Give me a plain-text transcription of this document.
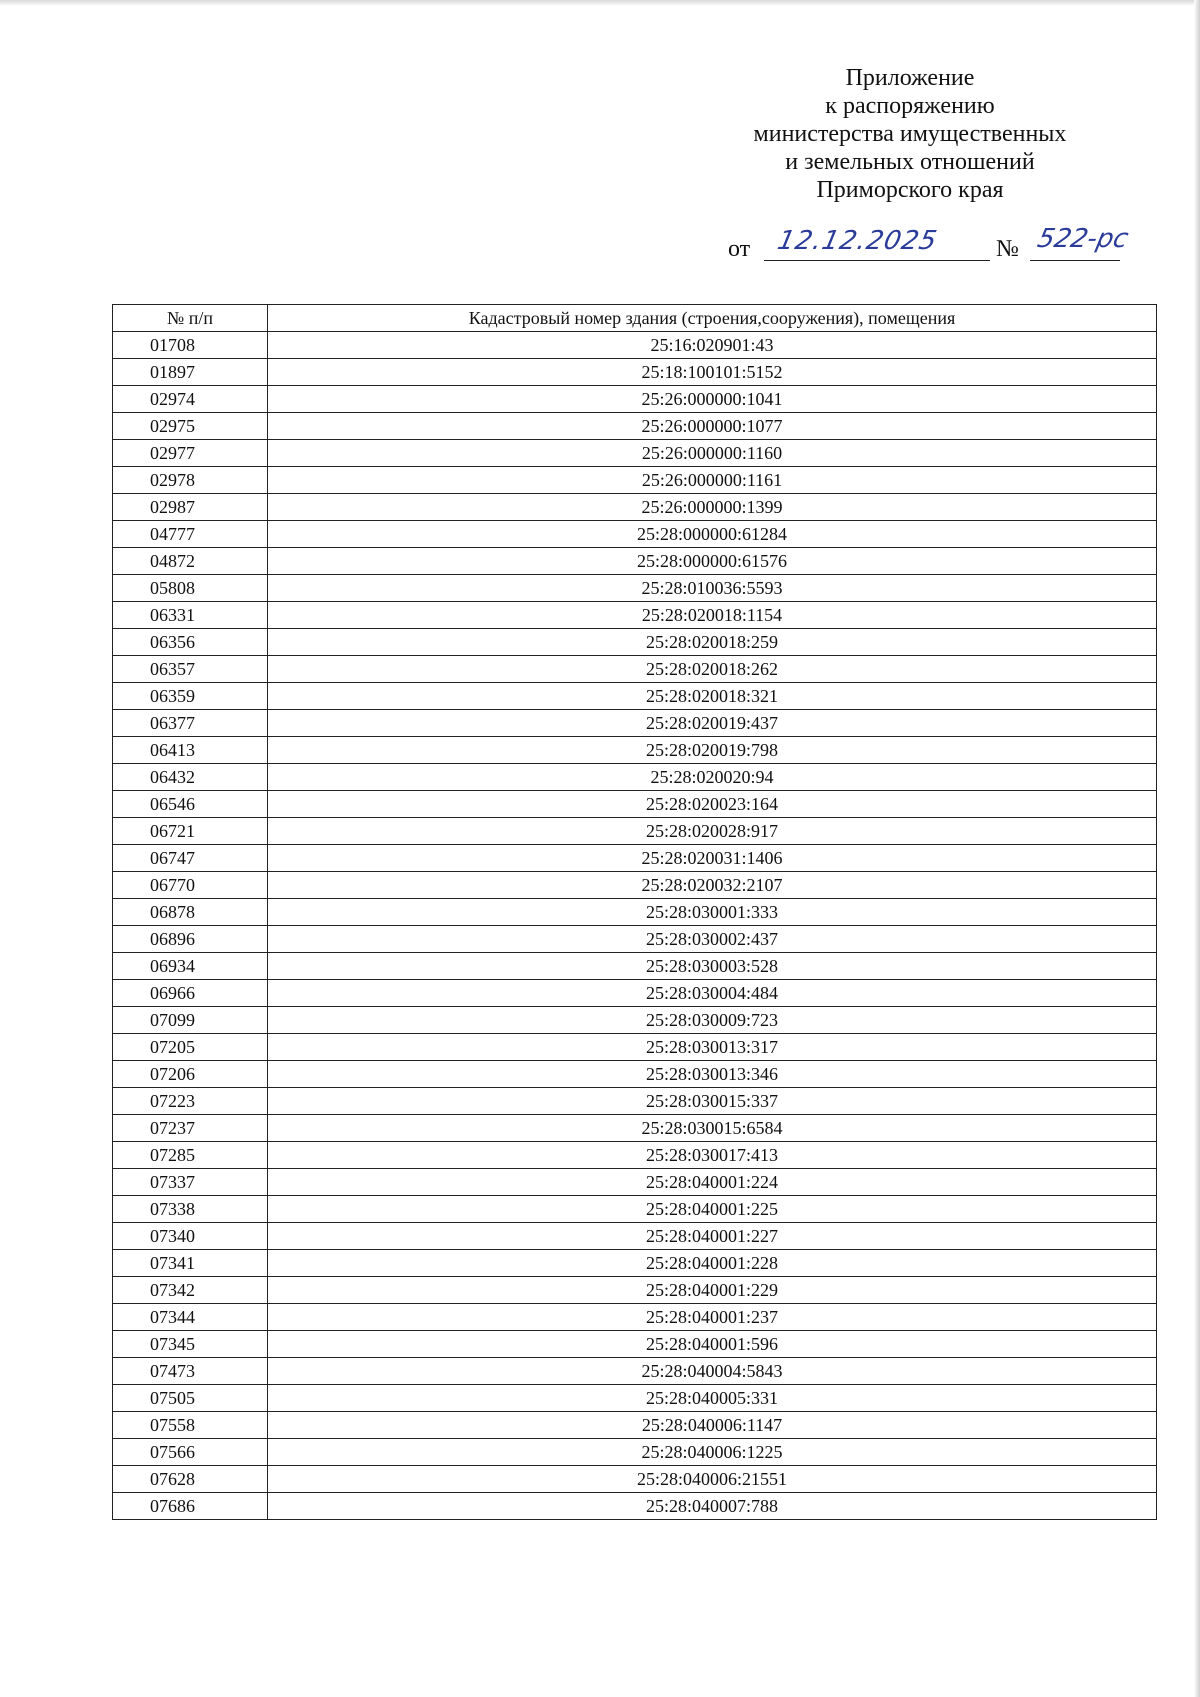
Приложение
к распоряжению
министерства имущественных
и земельных отношений
Приморского края
от 12.12.2025 № 522-рс
№ п/п	Кадастровый номер здания (строения,сооружения), помещения
01708	25:16:020901:43
01897	25:18:100101:5152
02974	25:26:000000:1041
02975	25:26:000000:1077
02977	25:26:000000:1160
02978	25:26:000000:1161
02987	25:26:000000:1399
04777	25:28:000000:61284
04872	25:28:000000:61576
05808	25:28:010036:5593
06331	25:28:020018:1154
06356	25:28:020018:259
06357	25:28:020018:262
06359	25:28:020018:321
06377	25:28:020019:437
06413	25:28:020019:798
06432	25:28:020020:94
06546	25:28:020023:164
06721	25:28:020028:917
06747	25:28:020031:1406
06770	25:28:020032:2107
06878	25:28:030001:333
06896	25:28:030002:437
06934	25:28:030003:528
06966	25:28:030004:484
07099	25:28:030009:723
07205	25:28:030013:317
07206	25:28:030013:346
07223	25:28:030015:337
07237	25:28:030015:6584
07285	25:28:030017:413
07337	25:28:040001:224
07338	25:28:040001:225
07340	25:28:040001:227
07341	25:28:040001:228
07342	25:28:040001:229
07344	25:28:040001:237
07345	25:28:040001:596
07473	25:28:040004:5843
07505	25:28:040005:331
07558	25:28:040006:1147
07566	25:28:040006:1225
07628	25:28:040006:21551
07686	25:28:040007:788
